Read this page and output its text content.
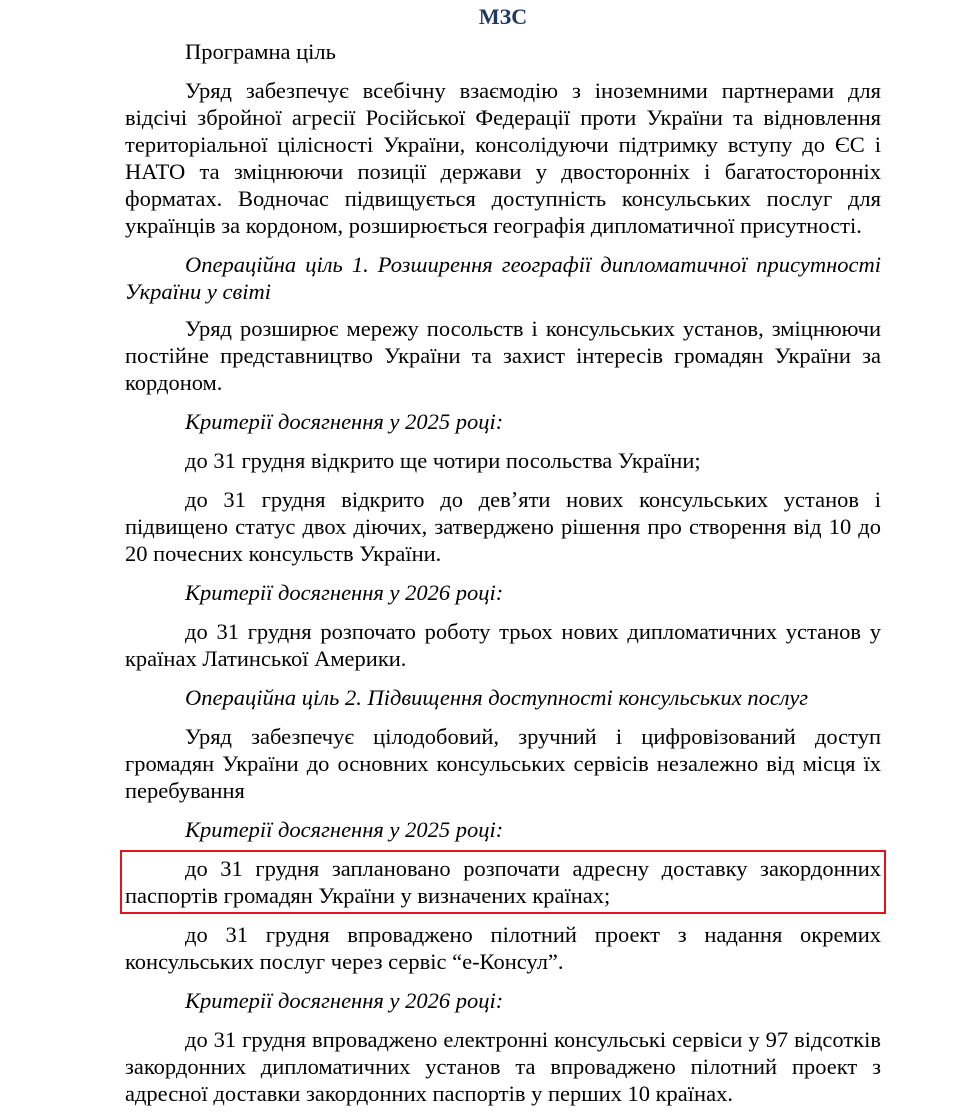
МЗС

Програмна ціль

Уряд забезпечує всебічну взаємодію з іноземними партнерами для відсічі збройної агресії Російської Федерації проти України та відновлення територіальної цілісності України, консолідуючи підтримку вступу до ЄС і НАТО та зміцнюючи позиції держави у двосторонніх і багатосторонніх форматах. Водночас підвищується доступність консульських послуг для українців за кордоном, розширюється географія дипломатичної присутності.

Операційна ціль 1. Розширення географії дипломатичної присутності України у світі

Уряд розширює мережу посольств і консульських установ, зміцнюючи постійне представництво України та захист інтересів громадян України за кордоном.

Критерії досягнення у 2025 році:

до 31 грудня відкрито ще чотири посольства України;

до 31 грудня відкрито до девʼяти нових консульських установ і підвищено статус двох діючих, затверджено рішення про створення від 10 до 20 почесних консульств України.

Критерії досягнення у 2026 році:

до 31 грудня розпочато роботу трьох нових дипломатичних установ у країнах Латинської Америки.

Операційна ціль 2. Підвищення доступності консульських послуг

Уряд забезпечує цілодобовий, зручний і цифровізований доступ громадян України до основних консульських сервісів незалежно від місця їх перебування

Критерії досягнення у 2025 році:

до 31 грудня заплановано розпочати адресну доставку закордонних паспортів громадян України у визначених країнах;

до 31 грудня впроваджено пілотний проект з надання окремих консульських послуг через сервіс “е-Консул”.

Критерії досягнення у 2026 році:

до 31 грудня впроваджено електронні консульські сервіси у 97 відсотків закордонних дипломатичних установ та впроваджено пілотний проект з адресної доставки закордонних паспортів у перших 10 країнах.
